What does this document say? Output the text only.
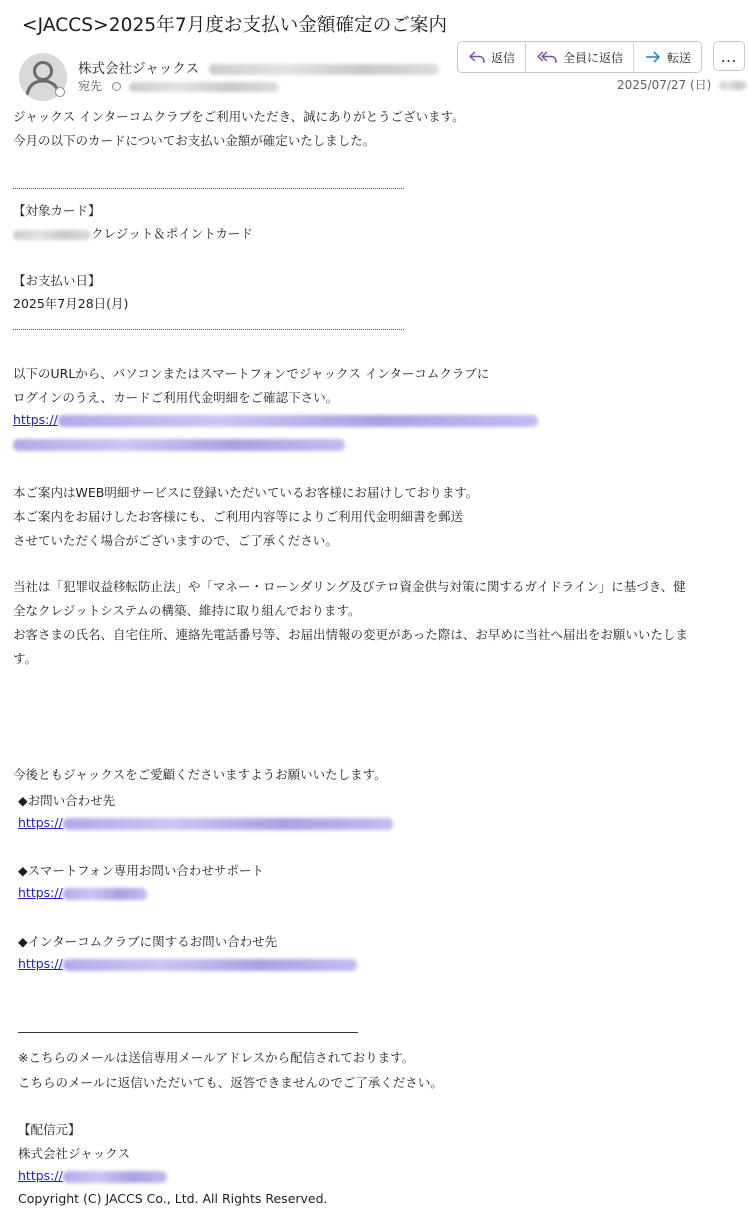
<JACCS>2025年7月度お支払い金額確定のご案内
株式会社ジャックス
宛先
返信	全員に返信	転送 …
2025/07/27 (日)
ジャックス インターコムクラブをご利用いただき、誠にありがとうございます。
今月の以下のカードについてお支払い金額が確定いたしました。
【対象カード】
クレジット＆ポイントカード
【お支払い日】
2025年7月28日(月)
以下のURLから、パソコンまたはスマートフォンでジャックス インターコムクラブに
ログインのうえ、カードご利用代金明細をご確認下さい。
https://
本ご案内はWEB明細サービスに登録いただいているお客様にお届けしております。
本ご案内をお届けしたお客様にも、ご利用内容等によりご利用代金明細書を郵送
させていただく場合がございますので、ご了承ください。
当社は「犯罪収益移転防止法」や「マネー・ローンダリング及びテロ資金供与対策に関するガイドライン」に基づき、健
全なクレジットシステムの構築、維持に取り組んでおります。
お客さまの氏名、自宅住所、連絡先電話番号等、お届出情報の変更があった際は、お早めに当社へ届出をお願いいたしま
す。
今後ともジャックスをご愛顧くださいますようお願いいたします。
◆お問い合わせ先
https://
◆スマートフォン専用お問い合わせサポート
https://
◆インターコムクラブに関するお問い合わせ先
https://
※こちらのメールは送信専用メールアドレスから配信されております。
こちらのメールに返信いただいても、返答できませんのでご了承ください。
【配信元】
株式会社ジャックス
https://
Copyright (C) JACCS Co., Ltd. All Rights Reserved.
